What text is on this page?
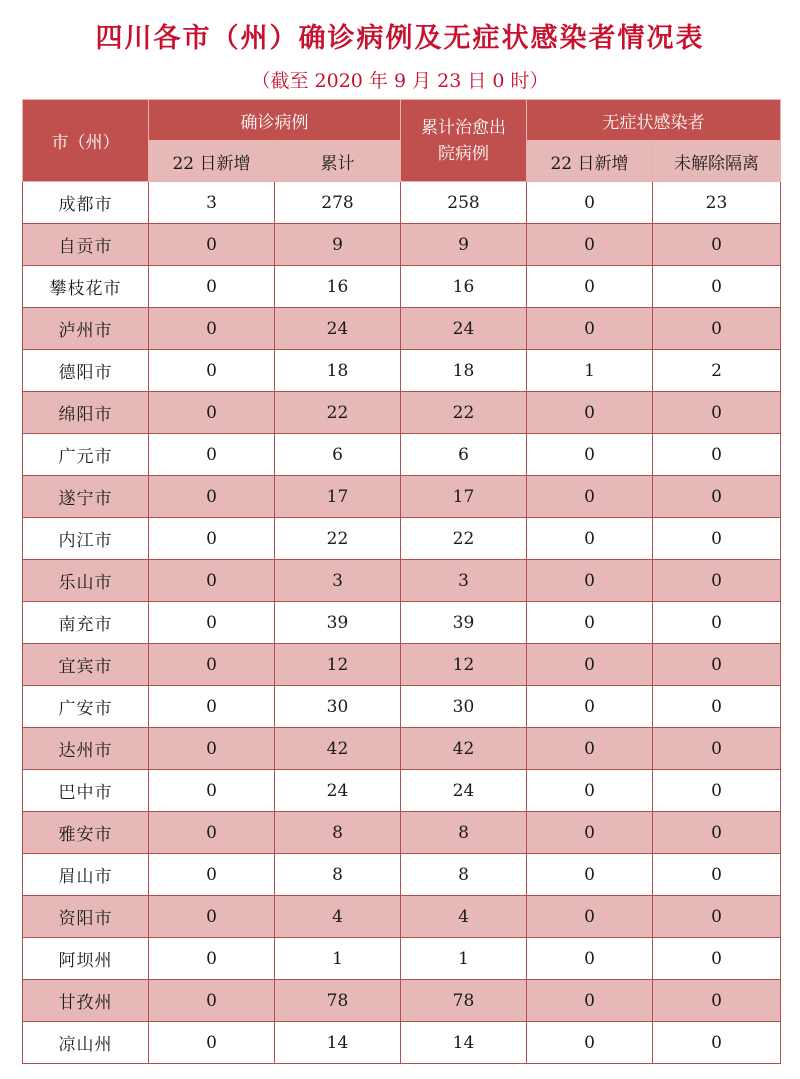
四川各市（州）确诊病例及无症状感染者情况表
（截至 2020 年 9 月 23 日 0 时）
市（州）	确诊病例		累计治愈出院病例	无症状感染者	
	22 日新增	累计		22 日新增	未解除隔离
成都市	3	278	258	0	23
自贡市	0	9	9	0	0
攀枝花市	0	16	16	0	0
泸州市	0	24	24	0	0
德阳市	0	18	18	1	2
绵阳市	0	22	22	0	0
广元市	0	6	6	0	0
遂宁市	0	17	17	0	0
内江市	0	22	22	0	0
乐山市	0	3	3	0	0
南充市	0	39	39	0	0
宜宾市	0	12	12	0	0
广安市	0	30	30	0	0
达州市	0	42	42	0	0
巴中市	0	24	24	0	0
雅安市	0	8	8	0	0
眉山市	0	8	8	0	0
资阳市	0	4	4	0	0
阿坝州	0	1	1	0	0
甘孜州	0	78	78	0	0
凉山州	0	14	14	0	0
